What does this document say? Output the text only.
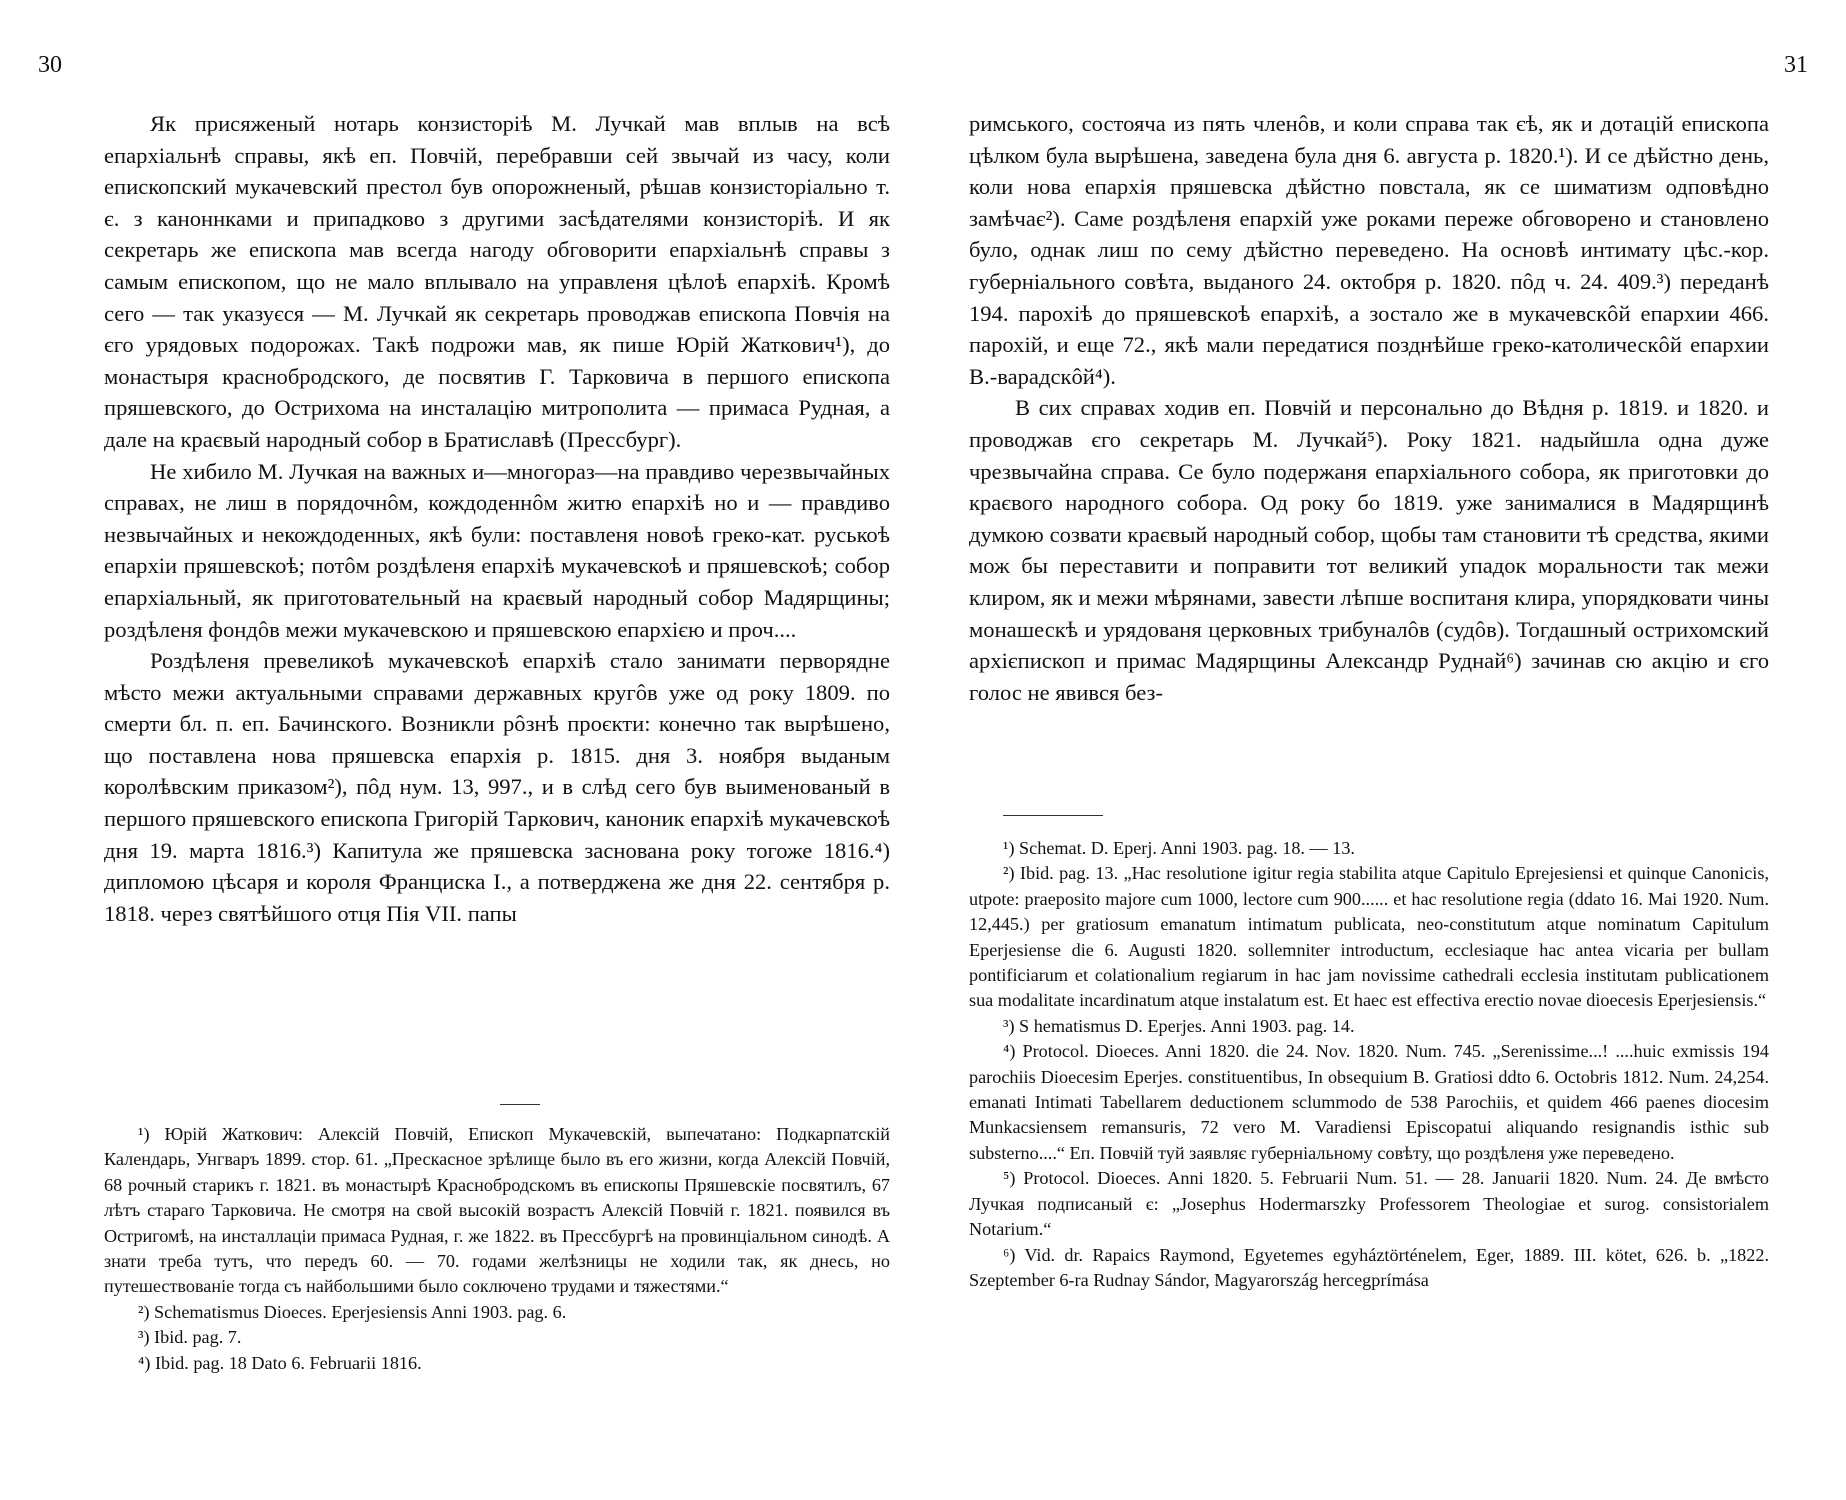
30

Як присяженый нотарь конзисторіѣ М. Лучкай мав вплыв на всѣ епархіальнѣ справы, якѣ еп. Повчій, перебравши сей звычай из часу, коли епископский мукачевский престол був опорожненый, рѣшав конзисторіально т. є. з каноннками и припадково з другими засѣдателями конзисторіѣ. И як секретарь же епископа мав всегда нагоду обговорити епархіальнѣ справы з самым епископом, що не мало вплывало на управленя цѣлоѣ епархіѣ. Кромѣ сего — так указуєся — М. Лучкай як секретарь проводжав епископа Повчія на єго урядовых подорожах. Такѣ подрожи мав, як пише Юрій Жаткович¹), до монастыря краснобродского, де посвятив Г. Тарковича в першого епископа пряшевского, до Острихома на инсталацію митрополита — примаса Рудная, а дале на краєвый народный собор в Братиславѣ (Прессбург).

Не хибило М. Лучкая на важных и—многораз—на правдиво черезвычайных справах, не лиш в порядочнôм, кождоденнôм житю епархіѣ но и — правдиво незвычайных и некождоденных, якѣ були: поставленя новоѣ греко-кат. руськоѣ епархіи пряшевскоѣ; потôм роздѣленя епархіѣ мукачевскоѣ и пряшевскоѣ; собор епархіальный, як приготовательный на краєвый народный собор Мадярщины; роздѣленя фондôв межи мукачевскою и пряшевскою епархією и проч....

Роздѣленя превеликоѣ мукачевскоѣ епархіѣ стало занимати перворядне мѣсто межи актуальными справами державных кругôв уже од року 1809. по смерти бл. п. еп. Бачинского. Возникли рôзнѣ проєкти: конечно так вырѣшено, що поставлена нова пряшевска епархія р. 1815. дня 3. ноября выданым королѣвским приказом²), пôд нум. 13, 997., и в слѣд сего був выименованый в першого пряшевского епископа Григорій Таркович, каноник епархіѣ мукачевскоѣ дня 19. марта 1816.³) Капитула же пряшевска заснована року тогоже 1816.⁴) дипломою цѣсаря и короля Францискa I., а потверджена же дня 22. сентября р. 1818. через святѣйшого отця Пія VII. папы

¹) Юрій Жаткович: Алексій Повчій, Епископ Мукачевскій, выпечатано: Подкарпатскій Календарь, Унгваръ 1899. стор. 61. „Прескасное зрѣлище было въ его жизни, когда Алексій Повчій, 68 рочный старикъ г. 1821. въ монастырѣ Краснобродскомъ въ епископы Пряшевскіе посвятилъ, 67 лѣтъ стараго Тарковича. Не смотря на свой высокій возрастъ Алексій Повчій г. 1821. появился въ Остригомѣ, на инсталлаціи примаса Рудная, г. же 1822. въ Прессбургѣ на провинціальном синодѣ. А знати треба тутъ, что передъ 60. — 70. годами желѣзницы не ходили так, як днесь, но путешествованіе тогда съ найбольшими было соключено трудами и тяжестями.“

²) Schematismus Dioeces. Eperjesiensis Anni 1903. pag. 6.

³) Ibid. pag. 7.

⁴) Ibid. pag. 18 Dato 6. Februarii 1816.

31

римського, состояча из пять членôв, и коли справа так єѣ, як и дотацій епископа цѣлком була вырѣшена, заведена була дня 6. августа р. 1820.¹). И се дѣйстно день, коли нова епархія пряшевска дѣйстно повстала, як се шиматизм одповѣдно замѣчає²). Саме роздѣленя епархій уже роками переже обговорено и становлено було, однак лиш по сему дѣйстно переведено. На основѣ интимату цѣс.-кор. губерніального совѣта, выданого 24. октобря р. 1820. пôд ч. 24. 409.³) переданѣ 194. парохіѣ до пряшевскоѣ епархіѣ, а зостало же в мукачевскôй епархии 466. парохій, и еще 72., якѣ мали передатися позднѣйше греко-католическôй епархии В.-варадскôй⁴).

В сих справах ходив еп. Повчій и персонально до Вѣдня р. 1819. и 1820. и проводжав єго секретарь М. Лучкай⁵). Року 1821. надыйшла одна дуже чрезвычайна справа. Се було подержаня епархіального собора, як приготовки до краєвого народного собора. Од року бо 1819. уже занималися в Мадярщинѣ думкою созвати краєвый народный собор, щобы там становити тѣ средства, якими мож бы переставити и поправити тот великий упадок моральности так межи клиром, як и межи мѣрянами, завести лѣпше воспитаня клира, упорядковати чины монашескѣ и урядованя церковных трибуналôв (судôв). Тогдашный острихомский архієпископ и примас Мадярщины Александр Руднай⁶) зачинав сю акцію и єго голос не явився без-

¹) Schemat. D. Eperj. Anni 1903. pag. 18. — 13.

²) Ibid. pag. 13. „Hac resolutione igitur regia stabilita atque Capitulo Eprejesiensi et quinque Canonicis, utpote: praeposito majore cum 1000, lectore cum 900...... et hac resolutione regia (ddato 16. Mai 1920. Num. 12,445.) per gratiosum emanatum intimatum publicata, neo-constitutum atque nominatum Capitulum Eperjesiense die 6. Augusti 1820. sollemniter introductum, ecclesiaque hac antea vicaria per bullam pontificiarum et colationalium regiarum in hac jam novissime cathedrali ecclesia institutam publicationem sua modalitate incardinatum atque instalatum est. Et haec est effectiva erectio novae dioecesis Eperjesiensis.“

³) S hematismus D. Eperjes. Anni 1903. pag. 14.

⁴) Protocol. Dioeces. Anni 1820. die 24. Nov. 1820. Num. 745. „Serenissime...! ....huic exmissis 194 parochiis Dioecesim Eperjes. constituentibus, In obsequium B. Gratiosi ddto 6. Octobris 1812. Num. 24,254. emanati Intimati Tabellarem deductionem sclummodo de 538 Parochiis, et quidem 466 paenes diocesim Munkacsiensem remansuris, 72 vero M. Varadiensi Episcopatui aliquando resignandis isthic sub substerno....“ Еп. Повчій туй заявляє губерніальному совѣту, що роздѣленя уже переведено.

⁵) Protocol. Dioeces. Anni 1820. 5. Februarii Num. 51. — 28. Januarii 1820. Num. 24. Де вмѣсто Лучкая подписаный є: „Josephus Hodermarszky Professorem Theologiae et surog. consistorialem Notarium.“

⁶) Vid. dr. Rapaics Raymond, Egyetemes egyháztörténelem, Eger, 1889. III. kötet, 626. b. „1822. Szeptember 6-ra Rudnay Sándor, Magyarország hercegprímása
